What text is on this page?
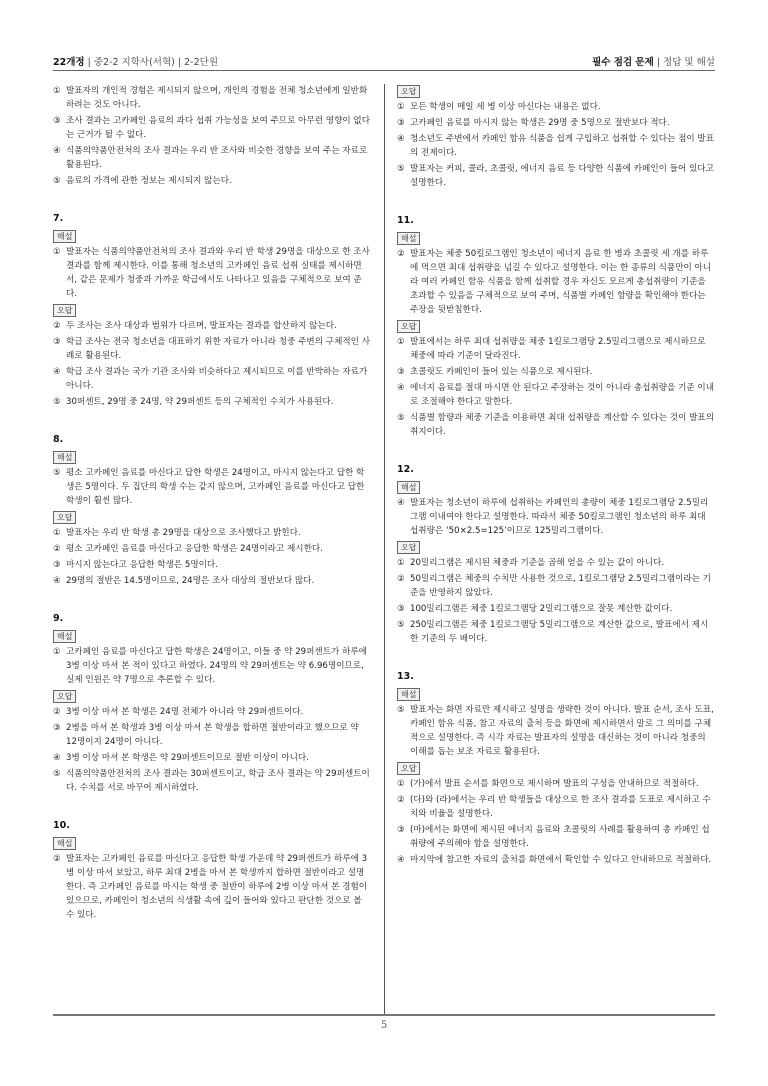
22개정 | 중2-2 지학사(서혁) | 2-2단원	필수 점검 문제 | 정답 및 해설
① 발표자의 개인적 경험은 제시되지 않으며, 개인의 경험을 전체 청소년에게 일반화하려는 것도 아니다.
③ 조사 결과는 고카페인 음료의 과다 섭취 가능성을 보여 주므로 아무런 영향이 없다는 근거가 될 수 없다.
④ 식품의약품안전처의 조사 결과는 우리 반 조사와 비슷한 경향을 보여 주는 자료로 활용된다.
⑤ 음료의 가격에 관한 정보는 제시되지 않는다.
7.
해설
① 발표자는 식품의약품안전처의 조사 결과와 우리 반 학생 29명을 대상으로 한 조사 결과를 함께 제시한다. 이를 통해 청소년의 고카페인 음료 섭취 실태를 제시하면서, 같은 문제가 청중과 가까운 학급에서도 나타나고 있음을 구체적으로 보여 준다.
오답
② 두 조사는 조사 대상과 범위가 다르며, 발표자는 결과를 합산하지 않는다.
③ 학급 조사는 전국 청소년을 대표하기 위한 자료가 아니라 청중 주변의 구체적인 사례로 활용된다.
④ 학급 조사 결과는 국가 기관 조사와 비슷하다고 제시되므로 이를 반박하는 자료가 아니다.
⑤ 30퍼센트, 29명 중 24명, 약 29퍼센트 등의 구체적인 수치가 사용된다.
8.
해설
⑤ 평소 고카페인 음료를 마신다고 답한 학생은 24명이고, 마시지 않는다고 답한 학생은 5명이다. 두 집단의 학생 수는 같지 않으며, 고카페인 음료를 마신다고 답한 학생이 훨씬 많다.
오답
① 발표자는 우리 반 학생 총 29명을 대상으로 조사했다고 밝힌다.
② 평소 고카페인 음료를 마신다고 응답한 학생은 24명이라고 제시한다.
③ 마시지 않는다고 응답한 학생은 5명이다.
④ 29명의 절반은 14.5명이므로, 24명은 조사 대상의 절반보다 많다.
9.
해설
① 고카페인 음료를 마신다고 답한 학생은 24명이고, 이들 중 약 29퍼센트가 하루에 3병 이상 마셔 본 적이 있다고 하였다. 24명의 약 29퍼센트는 약 6.96명이므로, 실제 인원은 약 7명으로 추론할 수 있다.
오답
② 3병 이상 마셔 본 학생은 24명 전체가 아니라 약 29퍼센트이다.
③ 2병을 마셔 본 학생과 3병 이상 마셔 본 학생을 합하면 절반이라고 했으므로 약 12명이지 24명이 아니다.
④ 3병 이상 마셔 본 학생은 약 29퍼센트이므로 절반 이상이 아니다.
⑤ 식품의약품안전처의 조사 결과는 30퍼센트이고, 학급 조사 결과는 약 29퍼센트이다. 수치를 서로 바꾸어 제시하였다.
10.
해설
② 발표자는 고카페인 음료를 마신다고 응답한 학생 가운데 약 29퍼센트가 하루에 3병 이상 마셔 보았고, 하루 최대 2병을 마셔 본 학생까지 합하면 절반이라고 설명한다. 즉 고카페인 음료를 마시는 학생 중 절반이 하루에 2병 이상 마셔 본 경험이 있으므로, 카페인이 청소년의 식생활 속에 깊이 들어와 있다고 판단한 것으로 볼 수 있다.
오답
① 모든 학생이 매일 세 병 이상 마신다는 내용은 없다.
③ 고카페인 음료를 마시지 않는 학생은 29명 중 5명으로 절반보다 적다.
④ 청소년도 주변에서 카페인 함유 식품을 쉽게 구입하고 섭취할 수 있다는 점이 발표의 전제이다.
⑤ 발표자는 커피, 콜라, 초콜릿, 에너지 음료 등 다양한 식품에 카페인이 들어 있다고 설명한다.
11.
해설
② 발표자는 체중 50킬로그램인 청소년이 에너지 음료 한 병과 초콜릿 세 개를 하루에 먹으면 최대 섭취량을 넘길 수 있다고 설명한다. 이는 한 종류의 식품만이 아니라 여러 카페인 함유 식품을 함께 섭취할 경우 자신도 모르게 총섭취량이 기준을 초과할 수 있음을 구체적으로 보여 주며, 식품별 카페인 함량을 확인해야 한다는 주장을 뒷받침한다.
오답
① 발표에서는 하루 최대 섭취량을 체중 1킬로그램당 2.5밀리그램으로 제시하므로 체중에 따라 기준이 달라진다.
③ 초콜릿도 카페인이 들어 있는 식품으로 제시된다.
④ 에너지 음료를 절대 마시면 안 된다고 주장하는 것이 아니라 총섭취량을 기준 이내로 조절해야 한다고 말한다.
⑤ 식품별 함량과 체중 기준을 이용하면 최대 섭취량을 계산할 수 있다는 것이 발표의 취지이다.
12.
해설
④ 발표자는 청소년이 하루에 섭취하는 카페인의 총량이 체중 1킬로그램당 2.5밀리그램 이내여야 한다고 설명한다. 따라서 체중 50킬로그램인 청소년의 하루 최대 섭취량은 ‘50×2.5=125’이므로 125밀리그램이다.
오답
① 20밀리그램은 제시된 체중과 기준을 곱해 얻을 수 있는 값이 아니다.
② 50밀리그램은 체중의 수치만 사용한 것으로, 1킬로그램당 2.5밀리그램이라는 기준을 반영하지 않았다.
③ 100밀리그램은 체중 1킬로그램당 2밀리그램으로 잘못 계산한 값이다.
⑤ 250밀리그램은 체중 1킬로그램당 5밀리그램으로 계산한 값으로, 발표에서 제시한 기준의 두 배이다.
13.
해설
⑤ 발표자는 화면 자료만 제시하고 설명을 생략한 것이 아니다. 발표 순서, 조사 도표, 카페인 함유 식품, 참고 자료의 출처 등을 화면에 제시하면서 말로 그 의미를 구체적으로 설명한다. 즉 시각 자료는 발표자의 설명을 대신하는 것이 아니라 청중의 이해를 돕는 보조 자료로 활용된다.
오답
① (가)에서 발표 순서를 화면으로 제시하며 발표의 구성을 안내하므로 적절하다.
② (다)와 (라)에서는 우리 반 학생들을 대상으로 한 조사 결과를 도표로 제시하고 수치와 비율을 설명한다.
③ (마)에서는 화면에 제시된 에너지 음료와 초콜릿의 사례를 활용하여 총 카페인 섭취량에 주의해야 함을 설명한다.
④ 마지막에 참고한 자료의 출처를 화면에서 확인할 수 있다고 안내하므로 적절하다.
5
